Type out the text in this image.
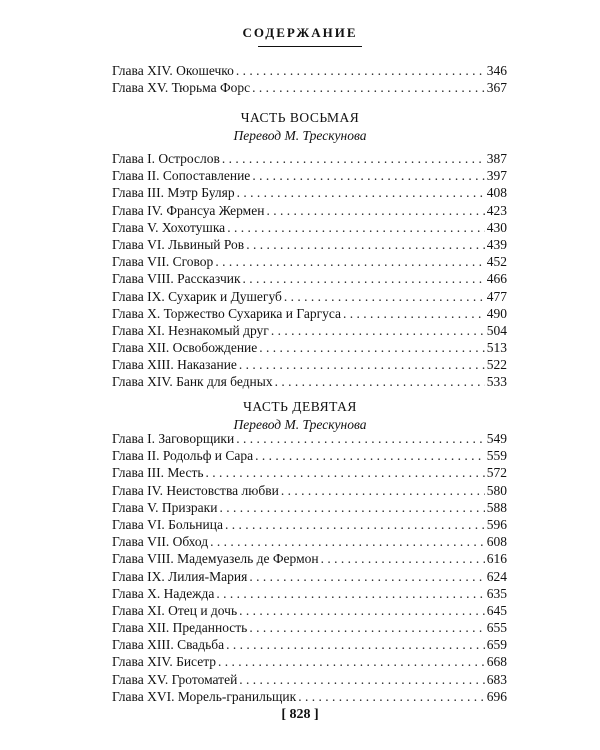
СОДЕРЖАНИЕ
Глава XIV. Окошечко . . .	346
Глава XV. Тюрьма Форс . . .	367
ЧАСТЬ ВОСЬМАЯ
Перевод М. Трескунова
Глава I. Острослов . . .	387
Глава II. Сопоставление . . .	397
Глава III. Мэтр Буляр . . .	408
Глава IV. Франсуа Жермен . . .	423
Глава V. Хохотушка . . .	430
Глава VI. Львиный Ров . . .	439
Глава VII. Сговор . . .	452
Глава VIII. Рассказчик . . .	466
Глава IX. Сухарик и Душегуб . . .	477
Глава X. Торжество Сухарика и Гаргуса . . .	490
Глава XI. Незнакомый друг . . .	504
Глава XII. Освобождение . . .	513
Глава XIII. Наказание . . .	522
Глава XIV. Банк для бедных . . .	533
ЧАСТЬ ДЕВЯТАЯ
Перевод М. Трескунова
Глава I. Заговорщики . . .	549
Глава II. Родольф и Сара . . .	559
Глава III. Месть . . .	572
Глава IV. Неистовства любви . . .	580
Глава V. Призраки . . .	588
Глава VI. Больница . . .	596
Глава VII. Обход . . .	608
Глава VIII. Мадемуазель де Фермон . . .	616
Глава IX. Лилия-Мария . . .	624
Глава X. Надежда . . .	635
Глава XI. Отец и дочь . . .	645
Глава XII. Преданность . . .	655
Глава XIII. Свадьба . . .	659
Глава XIV. Бисетр . . .	668
Глава XV. Гротоматей . . .	683
Глава XVI. Морель-гранильщик . . .	696
[ 828 ]
